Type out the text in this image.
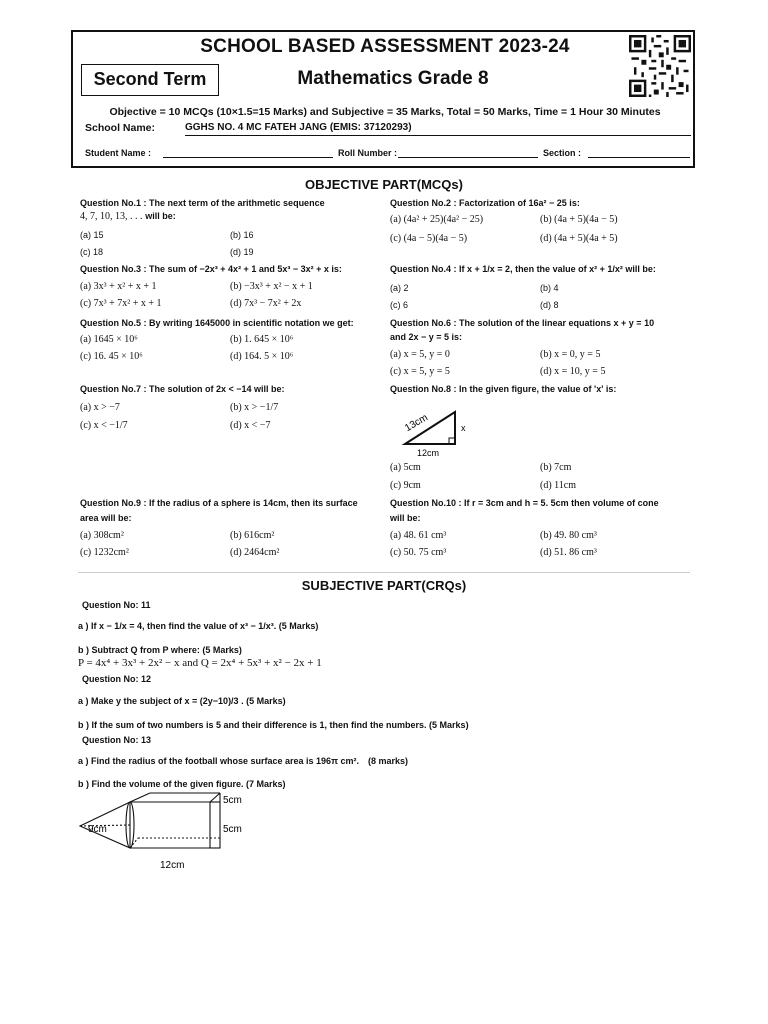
SCHOOL BASED ASSESSMENT 2023-24
Second Term	Mathematics Grade 8
Objective = 10 MCQs (10×1.5=15 Marks) and Subjective = 35 Marks, Total = 50 Marks, Time = 1 Hour 30 Minutes
School Name:	GGHS NO. 4 MC FATEH JANG (EMIS: 37120293)
Student Name :	Roll Number :	Section :
OBJECTIVE PART(MCQs)
Question No.1 : The next term of the arithmetic sequence
4, 7, 10, 13, . . . will be:
(a) 15	(b) 16
(c) 18	(d) 19
Question No.2 : Factorization of 16a² − 25 is:
(a) (4a² + 25)(4a² − 25)	(b) (4a + 5)(4a − 5)
(c) (4a − 5)(4a − 5)	(d) (4a + 5)(4a + 5)
Question No.3 : The sum of −2x³ + 4x² + 1 and 5x³ − 3x² + x is:
(a) 3x³ + x² + x + 1	(b) −3x³ + x² − x + 1
(c) 7x³ + 7x² + x + 1	(d) 7x³ − 7x² + 2x
Question No.4 : If x + 1/x = 2, then the value of x² + 1/x² will be:
(a) 2	(b) 4
(c) 6	(d) 8
Question No.5 : By writing 1645000 in scientific notation we get:
(a) 1645 × 10⁶	(b) 1. 645 × 10⁶
(c) 16. 45 × 10⁶	(d) 164. 5 × 10⁶
Question No.6 : The solution of the linear equations x + y = 10
and 2x − y = 5 is:
(a) x = 5, y = 0	(b) x = 0, y = 5
(c) x = 5, y = 5	(d) x = 10, y = 5
Question No.7 : The solution of 2x < −14 will be:
(a) x > −7	(b) x > −1/7
(c) x < −1/7	(d) x < −7
Question No.8 : In the given figure, the value of 'x' is:
13cm	x
12cm
(a) 5cm	(b) 7cm
(c) 9cm	(d) 11cm
Question No.9 : If the radius of a sphere is 14cm, then its surface
area will be:
(a) 308cm²	(b) 616cm²
(c) 1232cm²	(d) 2464cm²
Question No.10 : If r = 3cm and h = 5. 5cm then volume of cone
will be:
(a) 48. 61 cm³	(b) 49. 80 cm³
(c) 50. 75 cm³	(d) 51. 86 cm³
SUBJECTIVE PART(CRQs)
Question No: 11
a ) If x − 1/x = 4, then find the value of x³ − 1/x³. (5 Marks)
b ) Subtract Q from P where: (5 Marks)
P = 4x⁴ + 3x³ + 2x² − x and Q = 2x⁴ + 5x³ + x² − 2x + 1
Question No: 12
a ) Make y the subject of x = (2y−10)/3 . (5 Marks)
b ) If the sum of two numbers is 5 and their difference is 1, then find the numbers. (5 Marks)
Question No: 13
a ) Find the radius of the football whose surface area is 196π cm². (8 marks)
b ) Find the volume of the given figure. (7 Marks)
9cm
5cm
5cm
12cm
